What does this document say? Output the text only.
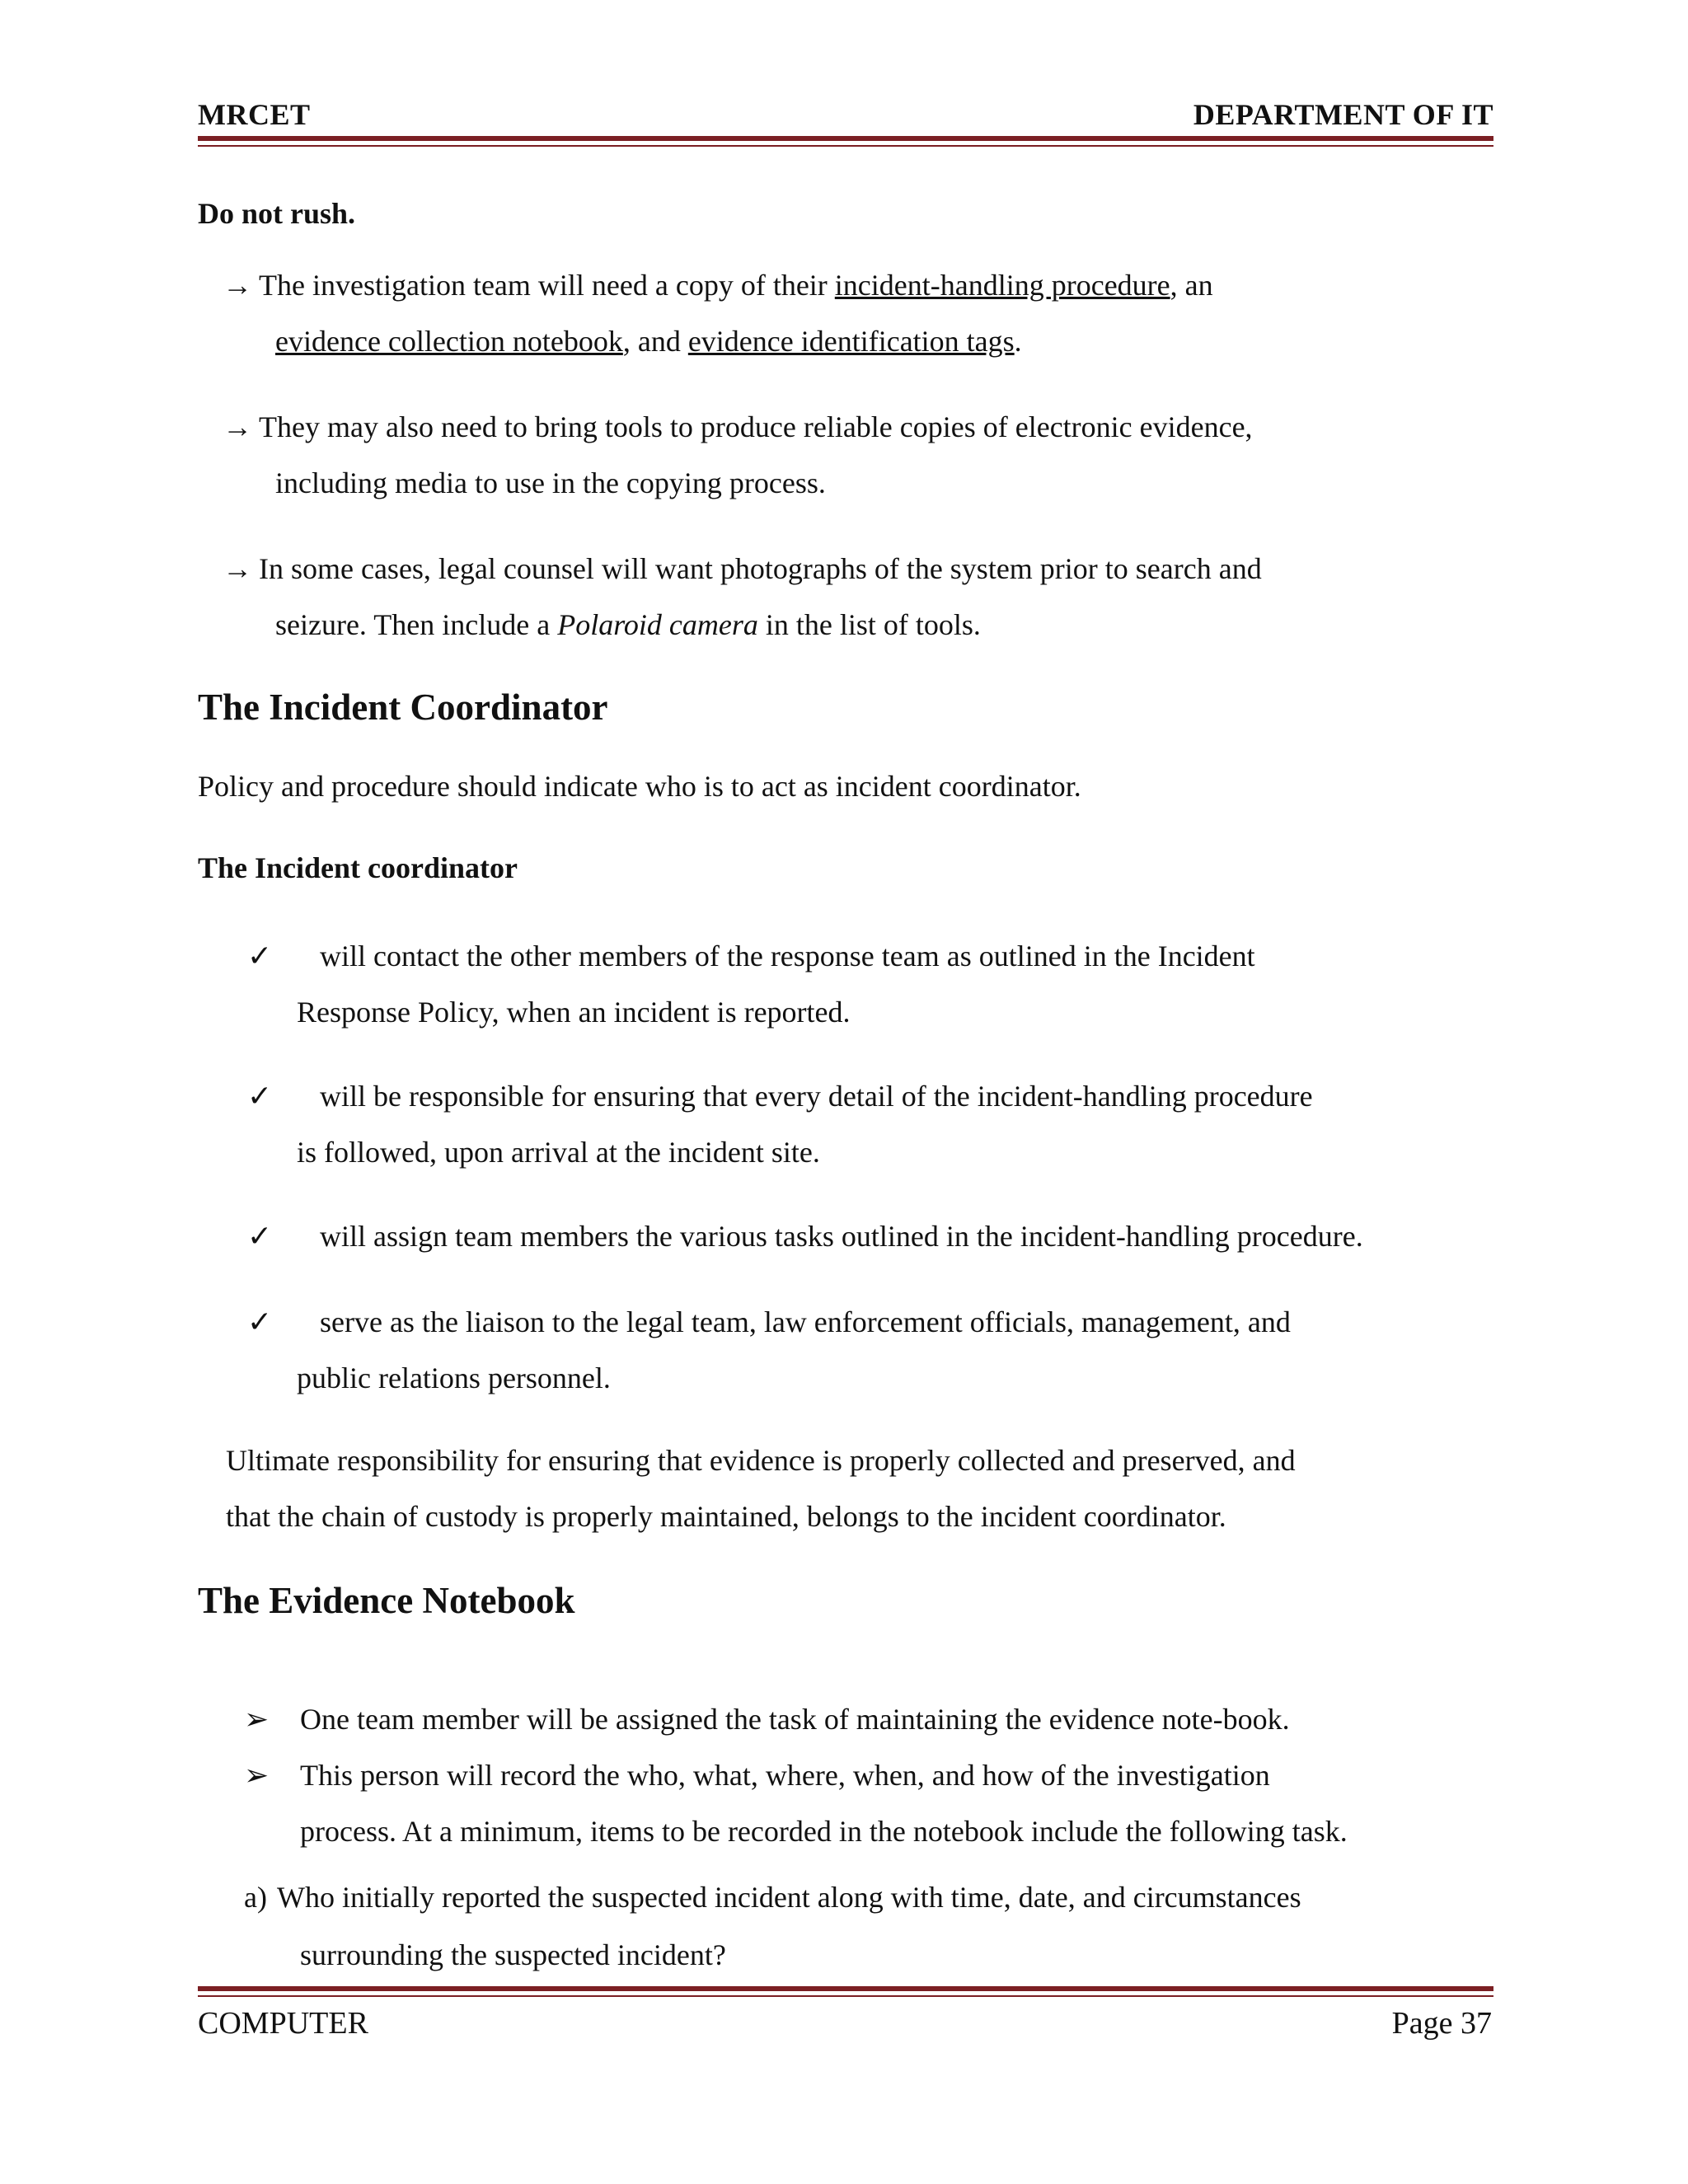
MRCET	DEPARTMENT OF IT
Do not rush.
→ The investigation team will need a copy of their incident-handling procedure, an
evidence collection notebook, and evidence identification tags.
→ They may also need to bring tools to produce reliable copies of electronic evidence,
including media to use in the copying process.
→ In some cases, legal counsel will want photographs of the system prior to search and
seizure. Then include a Polaroid camera in the list of tools.
The Incident Coordinator
Policy and procedure should indicate who is to act as incident coordinator.
The Incident coordinator
✓ will contact the other members of the response team as outlined in the Incident
Response Policy, when an incident is reported.
✓ will be responsible for ensuring that every detail of the incident-handling procedure
is followed, upon arrival at the incident site.
✓ will assign team members the various tasks outlined in the incident-handling procedure.
✓ serve as the liaison to the legal team, law enforcement officials, management, and
public relations personnel.
Ultimate responsibility for ensuring that evidence is properly collected and preserved, and
that the chain of custody is properly maintained, belongs to the incident coordinator.
The Evidence Notebook
➢ One team member will be assigned the task of maintaining the evidence note-book.
➢ This person will record the who, what, where, when, and how of the investigation
process. At a minimum, items to be recorded in the notebook include the following task.
a) Who initially reported the suspected incident along with time, date, and circumstances
surrounding the suspected incident?
COMPUTER	Page 37
